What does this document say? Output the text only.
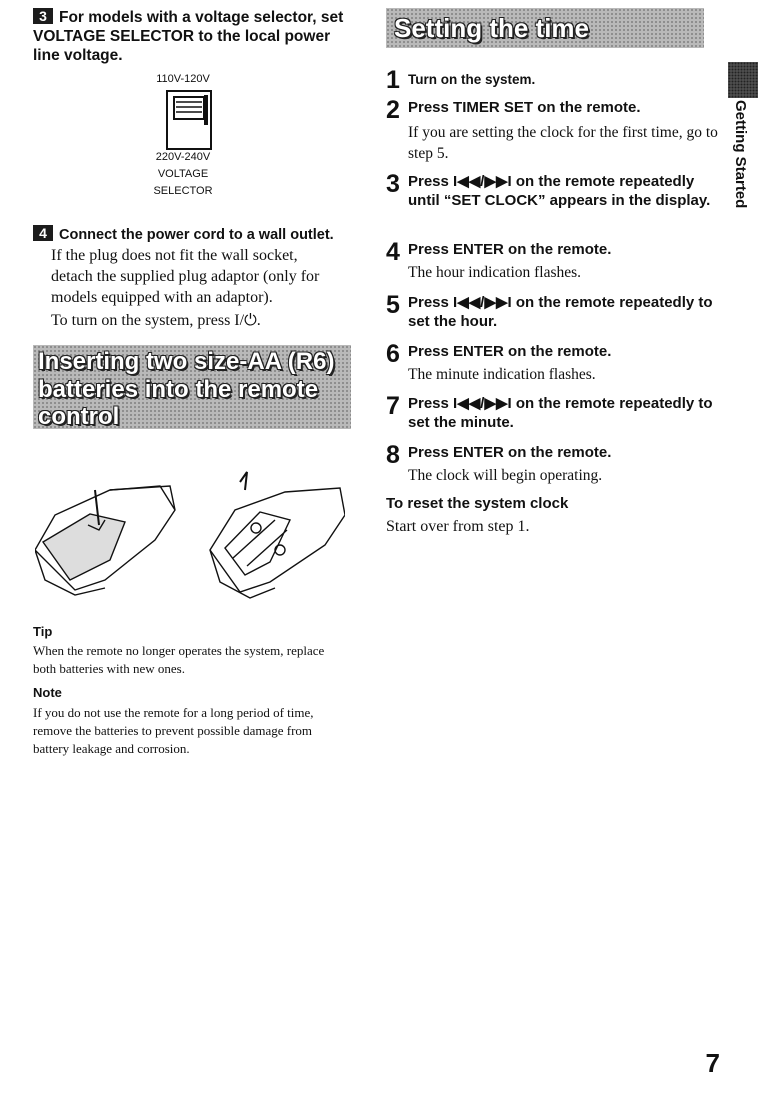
3 For models with a voltage selector, set VOLTAGE SELECTOR to the local power line voltage.
110V-120V
220V-240V
VOLTAGE
SELECTOR
4 Connect the power cord to a wall outlet.
If the plug does not fit the wall socket, detach the supplied plug adaptor (only for models equipped with an adaptor).
To turn on the system, press I/⏻.
Inserting two size-AA (R6)
batteries into the remote
control
Tip
When the remote no longer operates the system, replace both batteries with new ones.
Note
If you do not use the remote for a long period of time, remove the batteries to prevent possible damage from battery leakage and corrosion.
Setting the time
1 Turn on the system.
2 Press TIMER SET on the remote.
If you are setting the clock for the first time, go to step 5.
3 Press I◀◀/▶▶I on the remote repeatedly until “SET CLOCK” appears in the display.
4 Press ENTER on the remote.
The hour indication flashes.
5 Press I◀◀/▶▶I on the remote repeatedly to set the hour.
6 Press ENTER on the remote.
The minute indication flashes.
7 Press I◀◀/▶▶I on the remote repeatedly to set the minute.
8 Press ENTER on the remote.
The clock will begin operating.
To reset the system clock
Start over from step 1.
Getting Started
7
